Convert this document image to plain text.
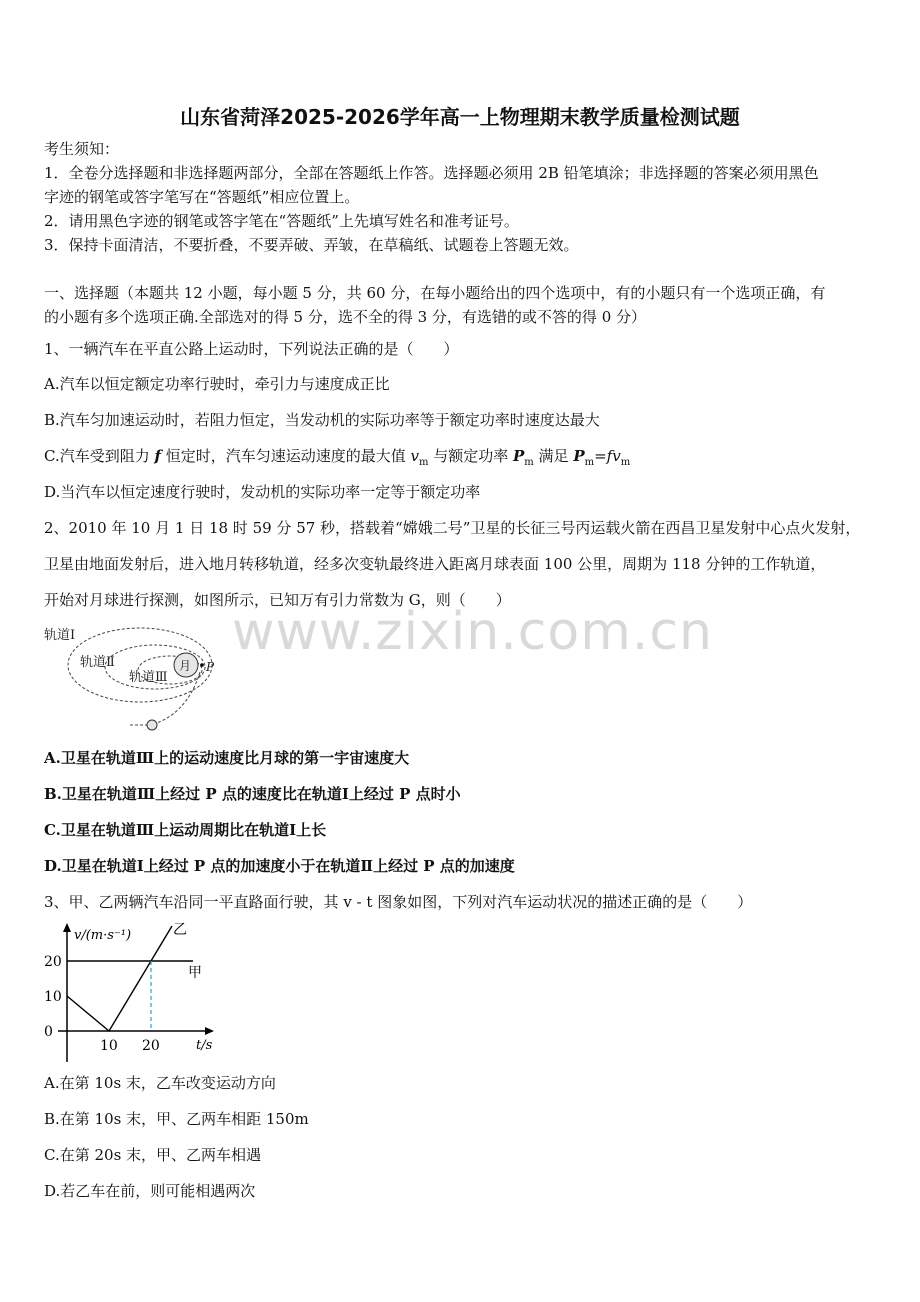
山东省菏泽2025-2026学年高一上物理期末教学质量检测试题
考生须知：
1．全卷分选择题和非选择题两部分，全部在答题纸上作答。选择题必须用 2B 铅笔填涂；非选择题的答案必须用黑色
字迹的钢笔或答字笔写在“答题纸”相应位置上。
2．请用黑色字迹的钢笔或答字笔在“答题纸”上先填写姓名和准考证号。
3．保持卡面清洁，不要折叠，不要弄破、弄皱，在草稿纸、试题卷上答题无效。
一、选择题（本题共 12 小题，每小题 5 分，共 60 分，在每小题给出的四个选项中，有的小题只有一个选项正确，有
的小题有多个选项正确.全部选对的得 5 分，选不全的得 3 分，有选错的或不答的得 0 分）
1、一辆汽车在平直公路上运动时，下列说法正确的是（　　）
A.汽车以恒定额定功率行驶时，牵引力与速度成正比
B.汽车匀加速运动时，若阻力恒定，当发动机的实际功率等于额定功率时速度达最大
C.汽车受到阻力 f 恒定时，汽车匀速运动速度的最大值 $v_m$ 与额定功率 $P_m$ 满足 $P_m=fv_m$
D.当汽车以恒定速度行驶时，发动机的实际功率一定等于额定功率
2、2010 年 10 月 1 日 18 时 59 分 57 秒，搭载着“嫦娥二号”卫星的长征三号丙运载火箭在西昌卫星发射中心点火发射，
卫星由地面发射后，进入地月转移轨道，经多次变轨最终进入距离月球表面 100 公里，周期为 118 分钟的工作轨道，
开始对月球进行探测，如图所示，已知万有引力常数为 G，则（　　）
www.zixin.com.cn
轨道Ⅰ
轨道Ⅱ
轨道Ⅲ
月 P
A.卫星在轨道Ⅲ上的运动速度比月球的第一宇宙速度大
B.卫星在轨道Ⅲ上经过 P 点的速度比在轨道Ⅰ上经过 P 点时小
C.卫星在轨道Ⅲ上运动周期比在轨道Ⅰ上长
D.卫星在轨道Ⅰ上经过 P 点的加速度小于在轨道Ⅱ上经过 P 点的加速度
3、甲、乙两辆汽车沿同一平直路面行驶，其 v - t 图象如图，下列对汽车运动状况的描述正确的是（　　）
甲
乙
20
10
0
10 20
v/(m·s⁻¹)
t/s
A.在第 10s 末，乙车改变运动方向
B.在第 10s 末，甲、乙两车相距 150m
C.在第 20s 末，甲、乙两车相遇
D.若乙车在前，则可能相遇两次
